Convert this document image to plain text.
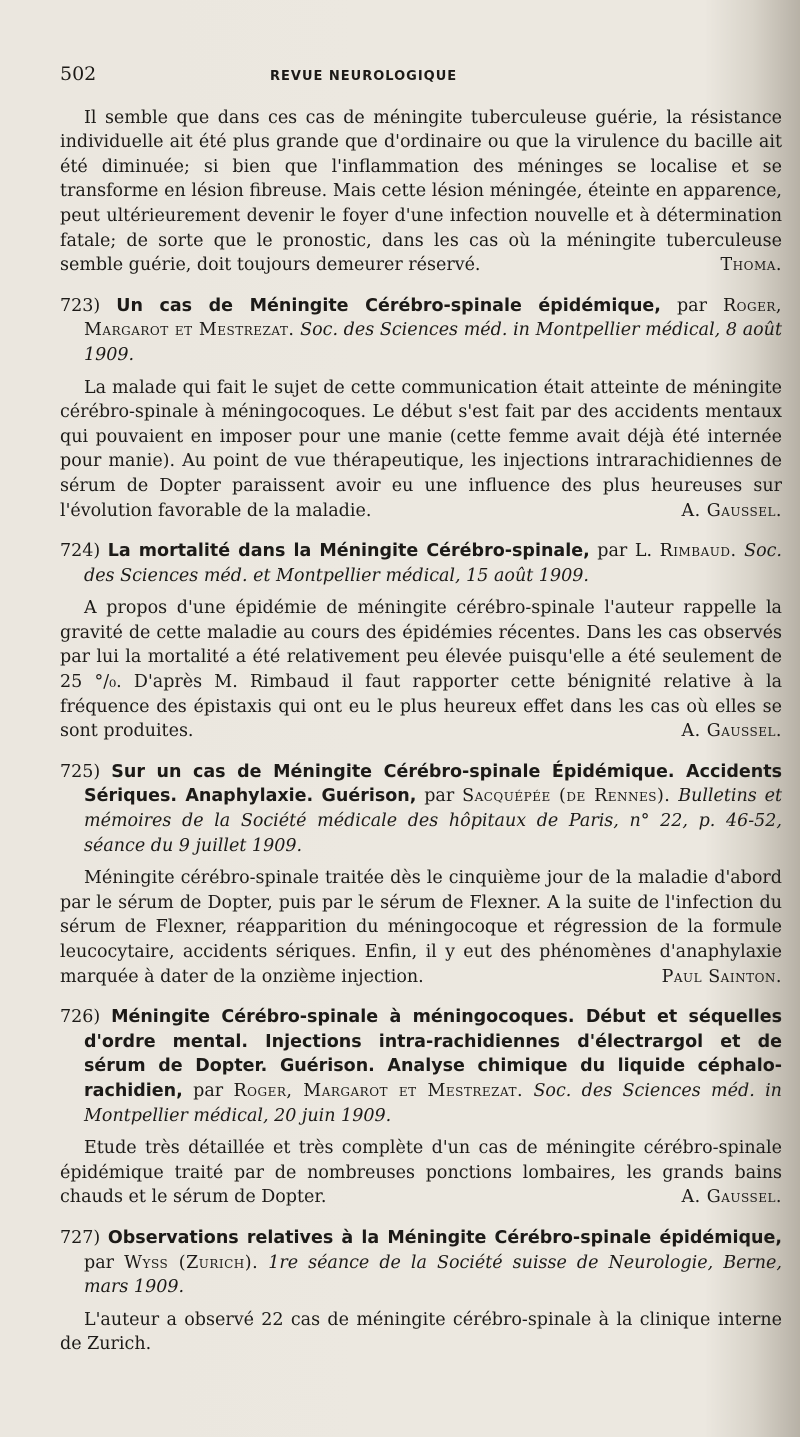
502	REVUE NEUROLOGIQUE

Il semble que dans ces cas de méningite tuberculeuse guérie, la résistance individuelle ait été plus grande que d'ordinaire ou que la virulence du bacille ait été diminuée; si bien que l'inflammation des méninges se localise et se transforme en lésion fibreuse. Mais cette lésion méningée, éteinte en apparence, peut ultérieurement devenir le foyer d'une infection nouvelle et à détermination fatale; de sorte que le pronostic, dans les cas où la méningite tuberculeuse semble guérie, doit toujours demeurer réservé.	Thoma.

723) Un cas de Méningite Cérébro-spinale épidémique, par Roger, Margarot et Mestrezat. Soc. des Sciences méd. in Montpellier médical, 8 août 1909.

La malade qui fait le sujet de cette communication était atteinte de méningite cérébro-spinale à méningocoques. Le début s'est fait par des accidents mentaux qui pouvaient en imposer pour une manie (cette femme avait déjà été internée pour manie). Au point de vue thérapeutique, les injections intrarachidiennes de sérum de Dopter paraissent avoir eu une influence des plus heureuses sur l'évolution favorable de la maladie.	A. Gaussel.

724) La mortalité dans la Méningite Cérébro-spinale, par L. Rimbaud. Soc. des Sciences méd. et Montpellier médical, 15 août 1909.

A propos d'une épidémie de méningite cérébro-spinale l'auteur rappelle la gravité de cette maladie au cours des épidémies récentes. Dans les cas observés par lui la mortalité a été relativement peu élevée puisqu'elle a été seulement de 25 °/₀. D'après M. Rimbaud il faut rapporter cette bénignité relative à la fréquence des épistaxis qui ont eu le plus heureux effet dans les cas où elles se sont produites.	A. Gaussel.

725) Sur un cas de Méningite Cérébro-spinale Épidémique. Accidents Sériques. Anaphylaxie. Guérison, par Sacquépée (de Rennes). Bulletins et mémoires de la Société médicale des hôpitaux de Paris, n° 22, p. 46-52, séance du 9 juillet 1909.

Méningite cérébro-spinale traitée dès le cinquième jour de la maladie d'abord par le sérum de Dopter, puis par le sérum de Flexner. A la suite de l'infection du sérum de Flexner, réapparition du méningocoque et régression de la formule leucocytaire, accidents sériques. Enfin, il y eut des phénomènes d'anaphylaxie marquée à dater de la onzième injection.	Paul Sainton.

726) Méningite Cérébro-spinale à méningocoques. Début et séquelles d'ordre mental. Injections intra-rachidiennes d'électrargol et de sérum de Dopter. Guérison. Analyse chimique du liquide céphalo-rachidien, par Roger, Margarot et Mestrezat. Soc. des Sciences méd. in Montpellier médical, 20 juin 1909.

Etude très détaillée et très complète d'un cas de méningite cérébro-spinale épidémique traité par de nombreuses ponctions lombaires, les grands bains chauds et le sérum de Dopter.	A. Gaussel.

727) Observations relatives à la Méningite Cérébro-spinale épidémique, par Wyss (Zurich). 1re séance de la Société suisse de Neurologie, Berne, mars 1909.

L'auteur a observé 22 cas de méningite cérébro-spinale à la clinique interne de Zurich.
